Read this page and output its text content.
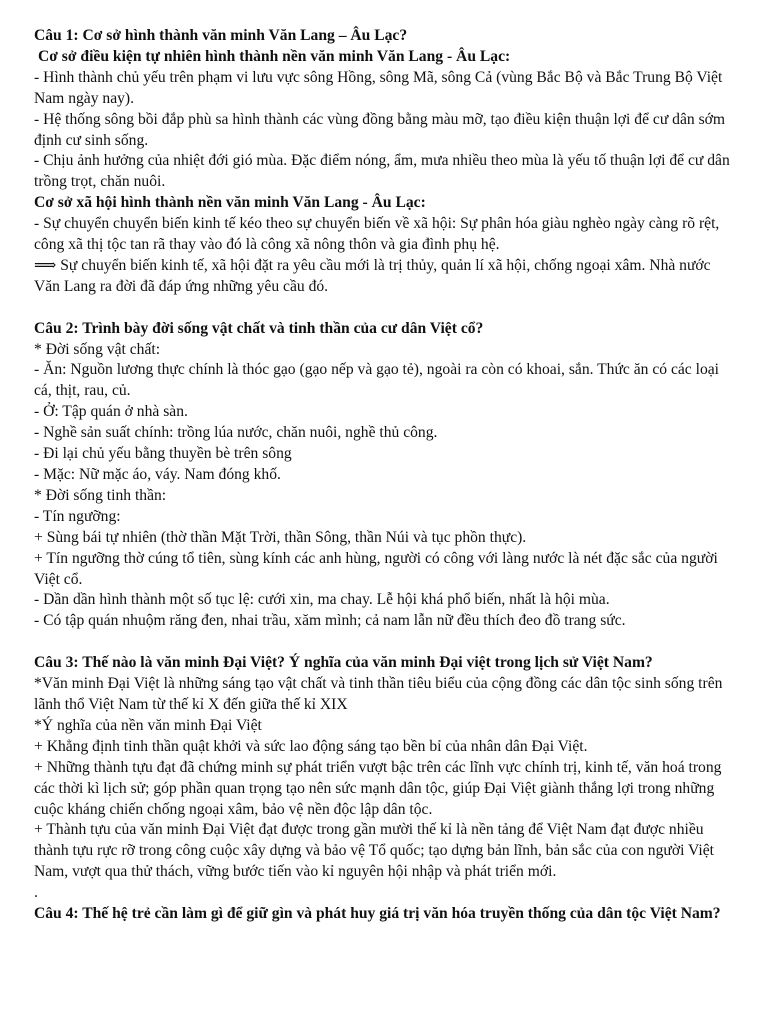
Câu 1: Cơ sở hình thành văn minh Văn Lang – Âu Lạc?

Cơ sở điều kiện tự nhiên hình thành nền văn minh Văn Lang - Âu Lạc:

- Hình thành chủ yếu trên phạm vi lưu vực sông Hồng, sông Mã, sông Cả (vùng Bắc Bộ và Bắc Trung Bộ Việt Nam ngày nay).

- Hệ thống sông bồi đắp phù sa hình thành các vùng đồng bằng màu mỡ, tạo điều kiện thuận lợi để cư dân sớm định cư sinh sống.

- Chịu ảnh hưởng của nhiệt đới gió mùa. Đặc điểm nóng, ẩm, mưa nhiều theo mùa là yếu tố thuận lợi để cư dân trồng trọt, chăn nuôi.

Cơ sở xã hội hình thành nền văn minh Văn Lang - Âu Lạc:

- Sự chuyển chuyển biến kinh tế kéo theo sự chuyển biến về xã hội: Sự phân hóa giàu nghèo ngày càng rõ rệt, công xã thị tộc tan rã thay vào đó là công xã nông thôn và gia đình phụ hệ.

⟹ Sự chuyển biến kinh tế, xã hội đặt ra yêu cầu mới là trị thủy, quản lí xã hội, chống ngoại xâm. Nhà nước Văn Lang ra đời đã đáp ứng những yêu cầu đó.

Câu 2: Trình bày đời sống vật chất và tinh thần của cư dân Việt cổ?

* Đời sống vật chất:

- Ăn: Nguồn lương thực chính là thóc gạo (gạo nếp và gạo tẻ), ngoài ra còn có khoai, sắn. Thức ăn có các loại cá, thịt, rau, củ.

- Ở: Tập quán ở nhà sàn.

- Nghề sản suất chính: trồng lúa nước, chăn nuôi, nghề thủ công.

- Đi lại chủ yếu bằng thuyền bè trên sông

- Mặc: Nữ mặc áo, váy. Nam đóng khố.

* Đời sống tinh thần:

- Tín ngưỡng:

+ Sùng bái tự nhiên (thờ thần Mặt Trời, thần Sông, thần Núi và tục phồn thực).

+ Tín ngưỡng thờ cúng tổ tiên, sùng kính các anh hùng, người có công với làng nước là nét đặc sắc của người Việt cổ.

- Dần dần hình thành một số tục lệ: cưới xin, ma chay. Lễ hội khá phổ biến, nhất là hội mùa.

- Có tập quán nhuộm răng đen, nhai trầu, xăm mình; cả nam lẫn nữ đều thích đeo đồ trang sức.

Câu 3: Thế nào là văn minh Đại Việt? Ý nghĩa của văn minh Đại việt trong lịch sử Việt Nam?

*Văn minh Đại Việt là những sáng tạo vật chất và tinh thần tiêu biểu của cộng đồng các dân tộc sinh sống trên lãnh thổ Việt Nam từ thế kỉ X đến giữa thế kỉ XIX

*Ý nghĩa của nền văn minh Đại Việt

+ Khẳng định tinh thần quật khởi và sức lao động sáng tạo bền bỉ của nhân dân Đại Việt.

+ Những thành tựu đạt đã chứng minh sự phát triển vượt bậc trên các lĩnh vực chính trị, kinh tế, văn hoá trong các thời kì lịch sử; góp phần quan trọng tạo nên sức mạnh dân tộc, giúp Đại Việt giành thắng lợi trong những cuộc kháng chiến chống ngoại xâm, bảo vệ nền độc lập dân tộc.

+ Thành tựu của văn minh Đại Việt đạt được trong gần mười thế kỉ là nền tảng để Việt Nam đạt được nhiều thành tựu rực rỡ trong công cuộc xây dựng và bảo vệ Tổ quốc; tạo dựng bản lĩnh, bản sắc của con người Việt Nam, vượt qua thử thách, vững bước tiến vào kỉ nguyên hội nhập và phát triển mới.

.

Câu 4: Thế hệ trẻ cần làm gì để giữ gìn và phát huy giá trị văn hóa truyền thống của dân tộc Việt Nam?
